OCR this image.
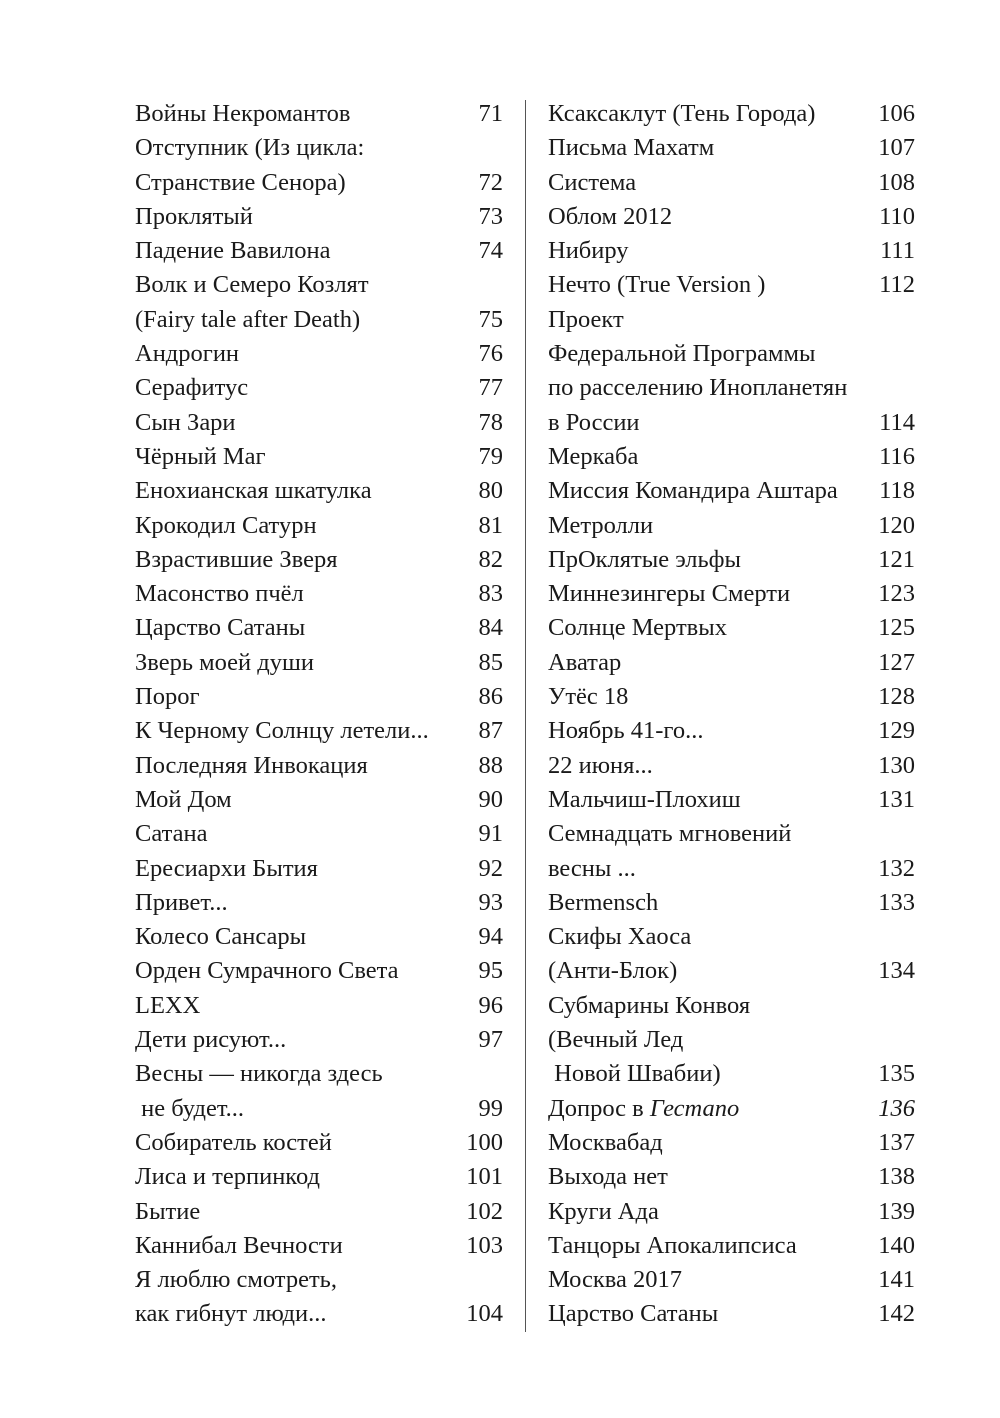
Войны Некромантов	71
Отступник (Из цикла:
Странствие Сенора)	72
Проклятый	73
Падение Вавилона	74
Волк и Семеро Козлят
(Fairy tale after Death)	75
Андрогин	76
Серафитус	77
Сын Зари	78
Чёрный Маг	79
Енохианская шкатулка	80
Крокодил Сатурн	81
Взрастившие Зверя	82
Масонство пчёл	83
Царство Сатаны	84
Зверь моей души	85
Порог	86
К Черному Солнцу летели... 87
Последняя Инвокация	88
Мой Дом	90
Сатана	91
Ересиархи Бытия	92
Привет...	93
Колесо Сансары	94
Орден Сумрачного Света	95
LEXX	96
Дети рисуют...	97
Весны — никогда здесь
не будет...	99
Собиратель костей	100
Лиса и терпинкод	101
Бытие	102
Каннибал Вечности	103
Я люблю смотреть,
как гибнут люди...	104
Ксаксаклут (Тень Города)	106
Письма Махатм	107
Система	108
Облом 2012	110
Нибиру	111
Нечто (True Version )	112
Проект
Федеральной Программы
по расселению Инопланетян
в России	114
Меркаба	116
Миссия Командира Аштара 118
Метролли	120
ПрОклятые эльфы	121
Миннезингеры Смерти	123
Солнце Мертвых	125
Аватар	127
Утёс 18	128
Ноябрь 41-го...	129
22 июня...	130
Мальчиш-Плохиш	131
Семнадцать мгновений
весны ...	132
Bermensch	133
Скифы Хаоса
(Анти-Блок)	134
Субмарины Конвоя
(Вечный Лед
Новой Швабии)	135
Допрос в Гестапо	136
Москвабад	137
Выхода нет	138
Круги Ада	139
Танцоры Апокалипсиса	140
Москва 2017	141
Царство Сатаны	142
